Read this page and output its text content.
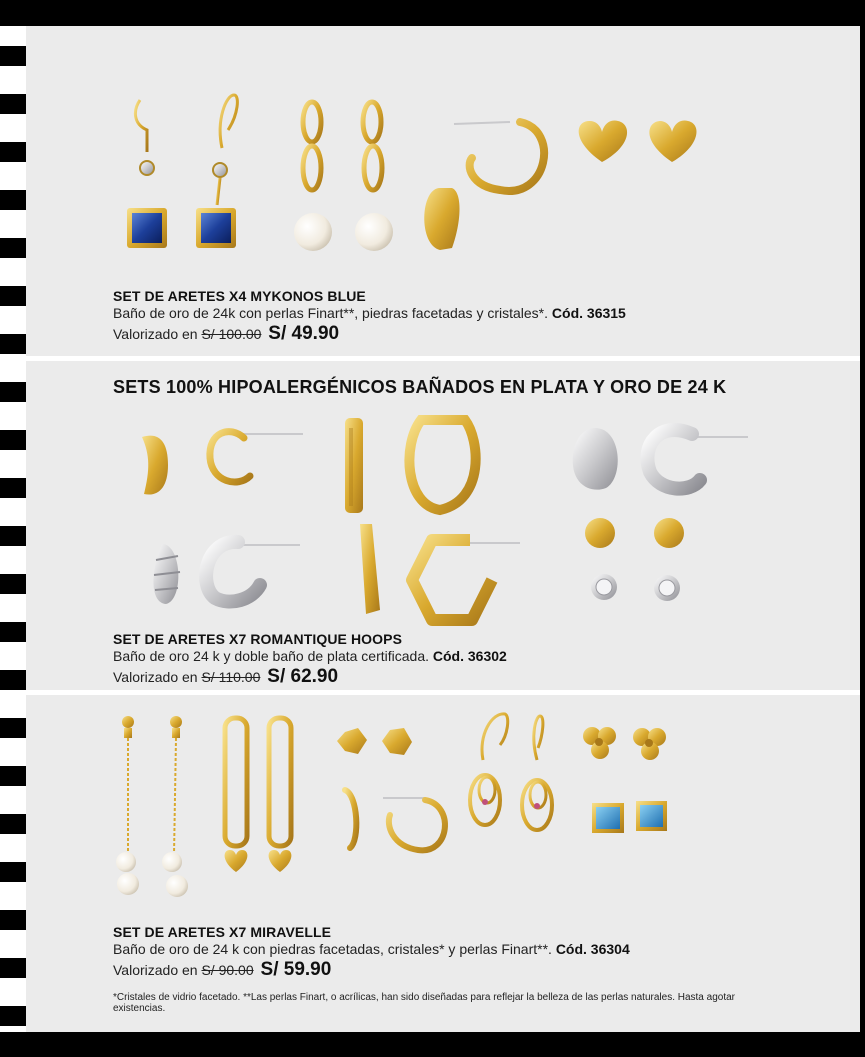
SET DE ARETES X4 MYKONOS BLUE
Baño de oro de 24k con perlas Finart**, piedras facetadas y cristales*. Cód. 36315
Valorizado en S/ 100.00 S/ 49.90
SETS 100% HIPOALERGÉNICOS BAÑADOS EN PLATA Y ORO DE 24 K
SET DE ARETES X7 ROMANTIQUE HOOPS
Baño de oro 24 k y doble baño de plata certificada. Cód. 36302
Valorizado en S/ 110.00 S/ 62.90
SET DE ARETES X7 MIRAVELLE
Baño de oro de 24 k con piedras facetadas, cristales* y perlas Finart**. Cód. 36304
Valorizado en S/ 90.00 S/ 59.90
*Cristales de vidrio facetado. **Las perlas Finart, o acrílicas, han sido diseñadas para reflejar la belleza de las perlas naturales. Hasta agotar existencias.
